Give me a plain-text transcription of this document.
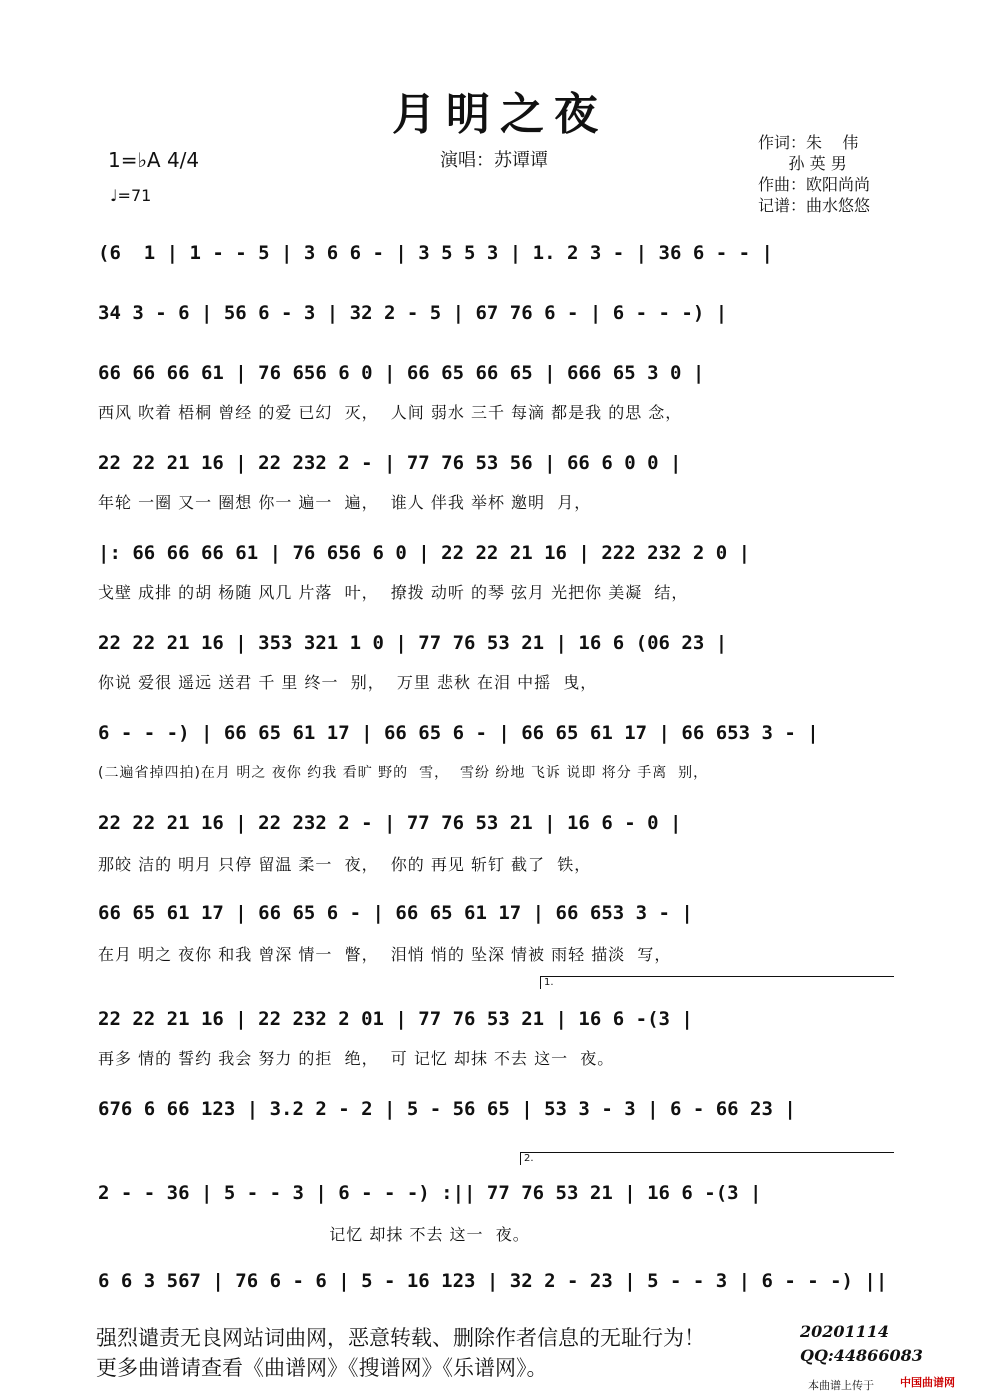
月明之夜
1=♭A 4/4
♩=71
演唱：苏谭谭
作词：朱    伟
孙 英 男
作曲：欧阳尚尚
记谱：曲水悠悠
(6  1 | 1 - - 5 | 3 6 6 - | 3 5 5 3 | 1. 2 3 - | 36 6 - - |
34 3 - 6 | 56 6 - 3 | 32 2 - 5 | 67 76 6 - | 6 - - -) |
66 66 66 61 | 76 656 6 0 | 66 65 66 65 | 666 65 3 0 |
西风 吹着 梧桐 曾经 的爱 已幻  灭，  人间 弱水 三千 每滴 都是我 的思 念，
22 22 21 16 | 22 232 2 - | 77 76 53 56 | 66 6 0 0 |
年轮 一圈 又一 圈想 你一 遍一  遍，  谁人 伴我 举杯 邀明  月，
|: 66 66 66 61 | 76 656 6 0 | 22 22 21 16 | 222 232 2 0 |
戈壁 成排 的胡 杨随 风几 片落  叶，  撩拨 动听 的琴 弦月 光把你 美凝  结，
22 22 21 16 | 353 321 1 0 | 77 76 53 21 | 16 6 (06 23 |
你说 爱很 遥远 送君 千 里 终一  别，  万里 悲秋 在泪 中摇  曳，
6 - - -) | 66 65 61 17 | 66 65 6 - | 66 65 61 17 | 66 653 3 - |
(二遍省掉四拍)在月 明之 夜你 约我 看旷 野的  雪，  雪纷 纷地 飞诉 说即 将分 手离  别，
22 22 21 16 | 22 232 2 - | 77 76 53 21 | 16 6 - 0 |
那皎 洁的 明月 只停 留温 柔一  夜，  你的 再见 斩钉 截了  铁，
66 65 61 17 | 66 65 6 - | 66 65 61 17 | 66 653 3 - |
在月 明之 夜你 和我 曾深 情一  瞥，  泪悄 悄的 坠深 情被 雨轻 描淡  写，
1.
22 22 21 16 | 22 232 2 01 | 77 76 53 21 | 16 6 -(3 |
再多 情的 誓约 我会 努力 的拒  绝，  可 记忆 却抹 不去 这一  夜。
676 6 66 123 | 3.2 2 - 2 | 5 - 56 65 | 53 3 - 3 | 6 - 66 23 |
2.
2 - - 36 | 5 - - 3 | 6 - - -) :|| 77 76 53 21 | 16 6 -(3 |
记忆 却抹 不去 这一  夜。
6 6 3 567 | 76 6 - 6 | 5 - 16 123 | 32 2 - 23 | 5 - - 3 | 6 - - -) ||
强烈谴责无良网站词曲网，恶意转载、删除作者信息的无耻行为！
更多曲谱请查看《曲谱网》《搜谱网》《乐谱网》。
20201114
QQ:44866083
本曲谱上传于 中国曲谱网
